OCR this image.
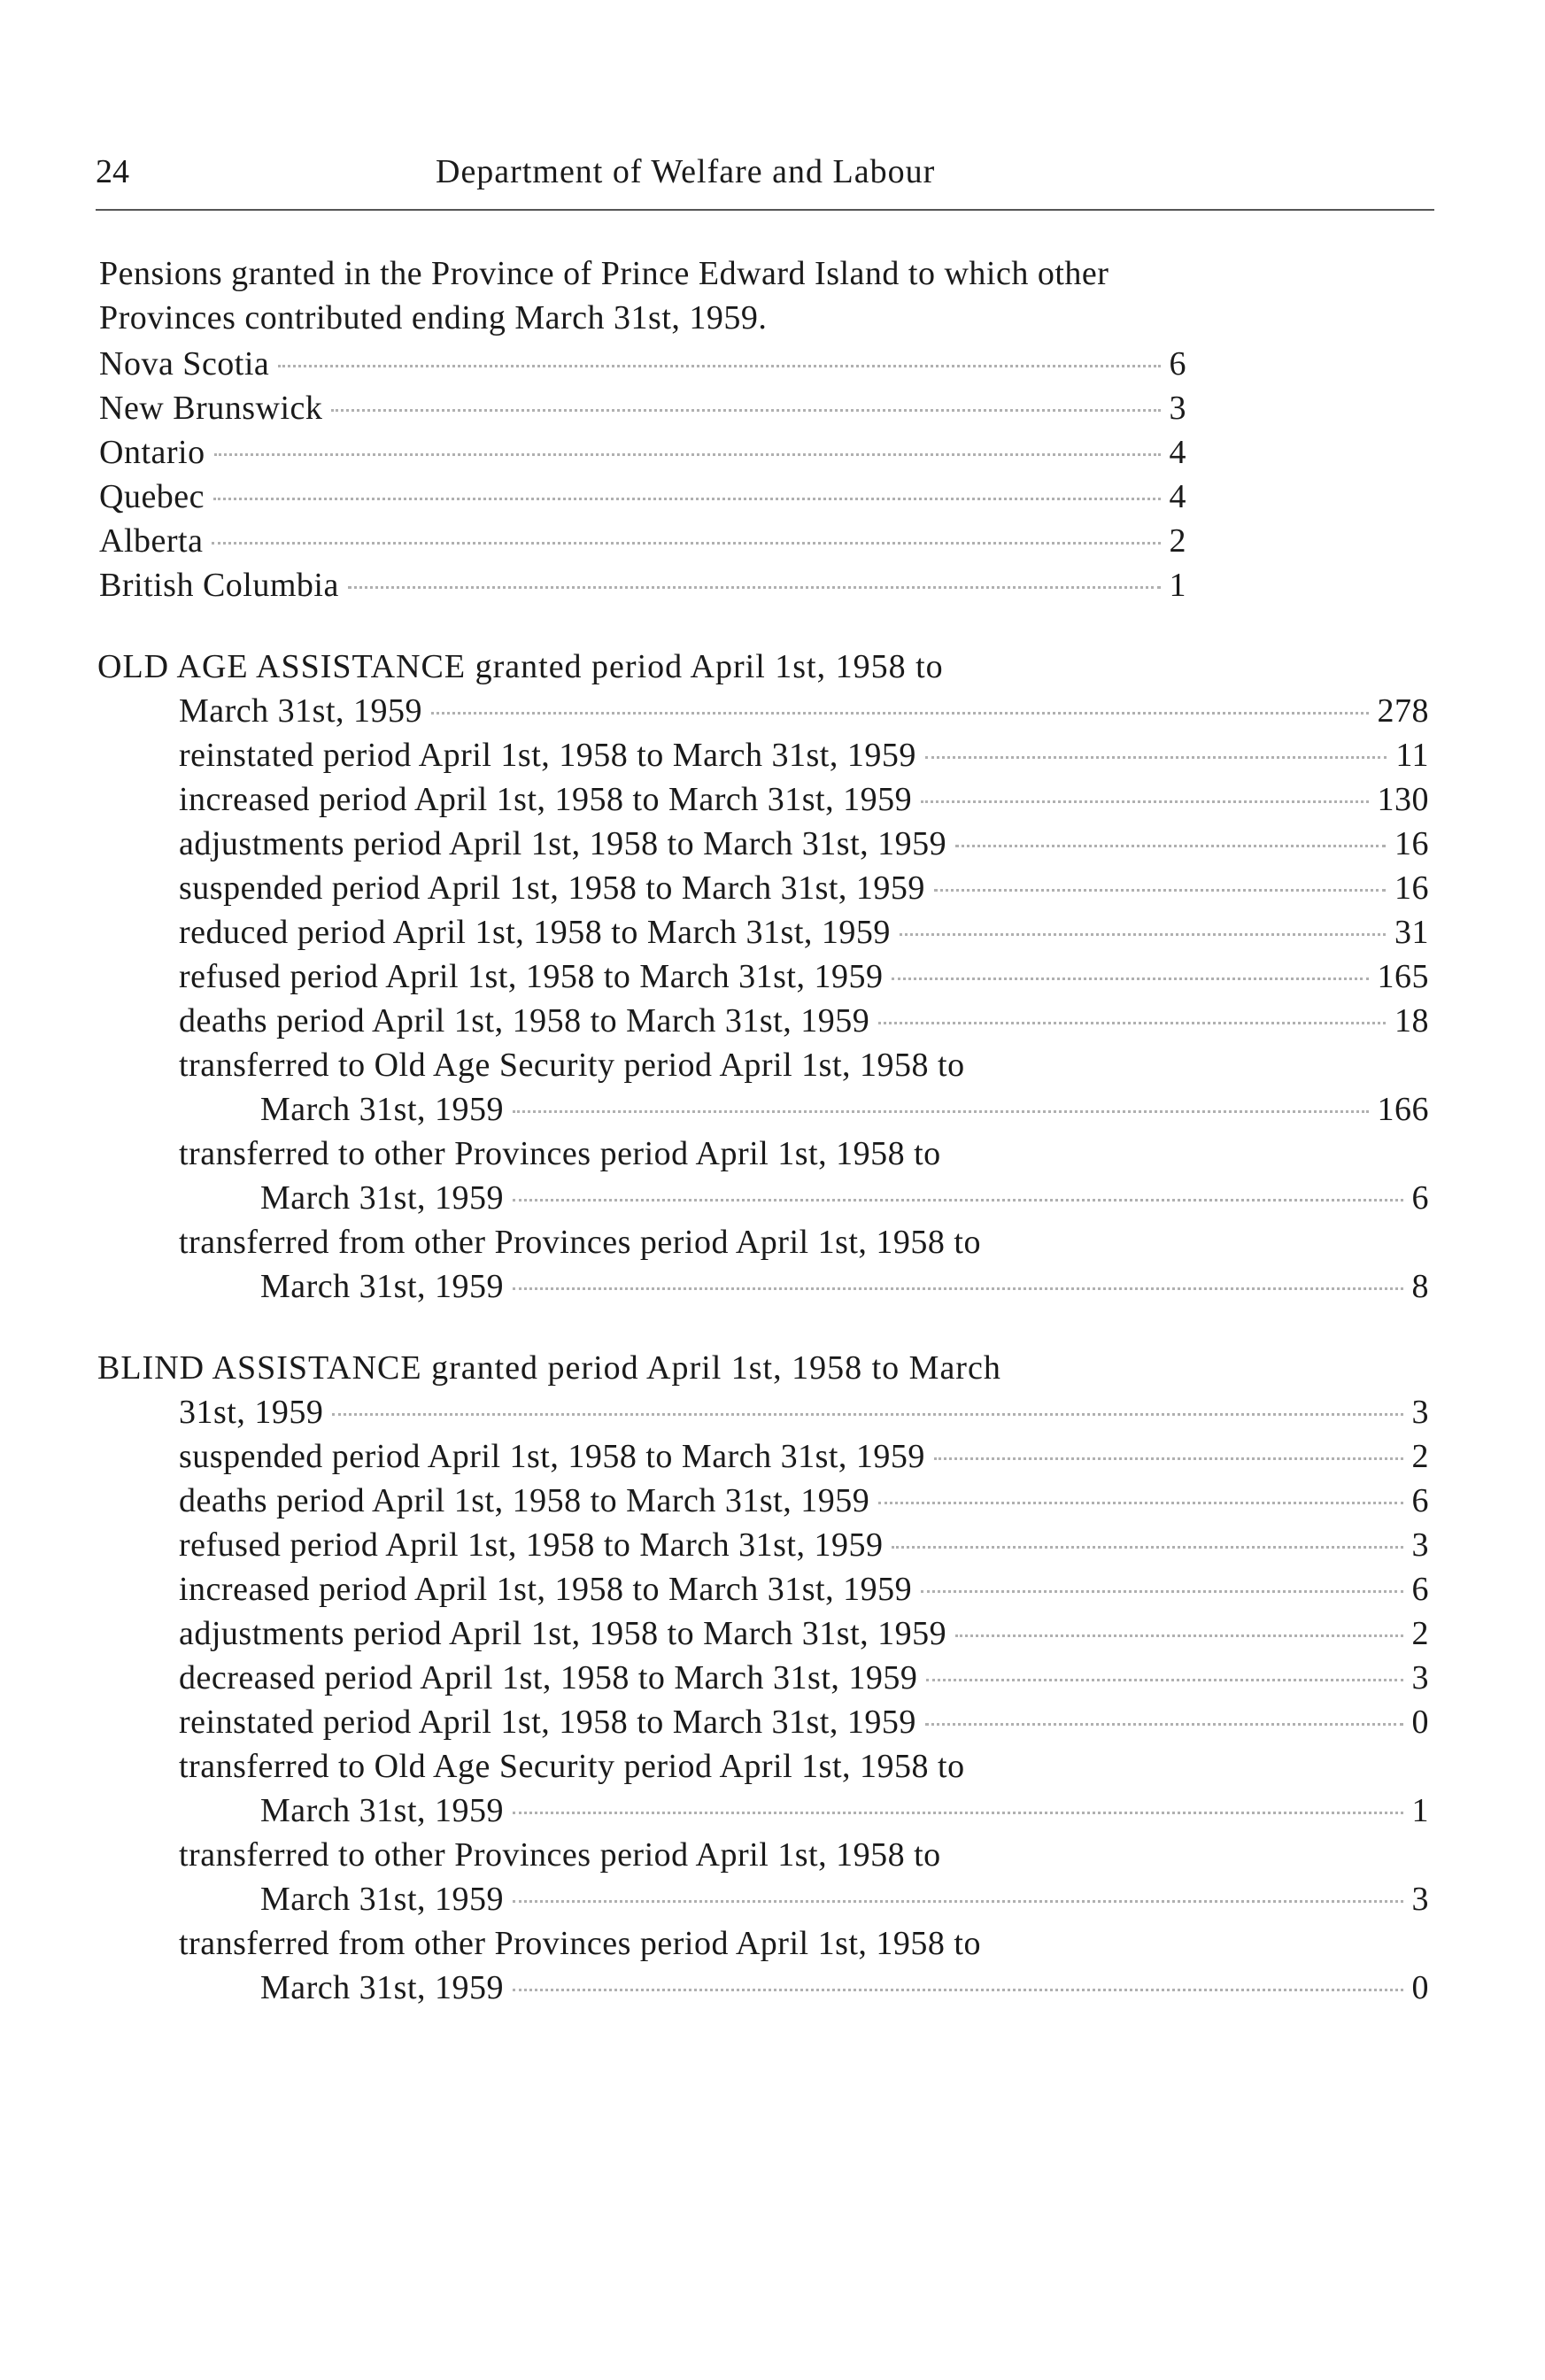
24	Department of Welfare and Labour
Pensions granted in the Province of Prince Edward Island to which other
Provinces contributed ending March 31st, 1959.
Nova Scotia	6
New Brunswick	3
Ontario	4
Quebec	4
Alberta	2
British Columbia	1
OLD AGE ASSISTANCE granted period April 1st, 1958 to
March 31st, 1959	278
reinstated period April 1st, 1958 to March 31st, 1959	11
increased period April 1st, 1958 to March 31st, 1959	130
adjustments period April 1st, 1958 to March 31st, 1959	16
suspended period April 1st, 1958 to March 31st, 1959	16
reduced period April 1st, 1958 to March 31st, 1959	31
refused period April 1st, 1958 to March 31st, 1959	165
deaths period April 1st, 1958 to March 31st, 1959	18
transferred to Old Age Security period April 1st, 1958 to
March 31st, 1959	166
transferred to other Provinces period April 1st, 1958 to
March 31st, 1959	6
transferred from other Provinces period April 1st, 1958 to
March 31st, 1959	8
BLIND ASSISTANCE granted period April 1st, 1958 to March
31st, 1959	3
suspended period April 1st, 1958 to March 31st, 1959	2
deaths period April 1st, 1958 to March 31st, 1959	6
refused period April 1st, 1958 to March 31st, 1959	3
increased period April 1st, 1958 to March 31st, 1959	6
adjustments period April 1st, 1958 to March 31st, 1959	2
decreased period April 1st, 1958 to March 31st, 1959	3
reinstated period April 1st, 1958 to March 31st, 1959	0
transferred to Old Age Security period April 1st, 1958 to
March 31st, 1959	1
transferred to other Provinces period April 1st, 1958 to
March 31st, 1959	3
transferred from other Provinces period April 1st, 1958 to
March 31st, 1959	0
